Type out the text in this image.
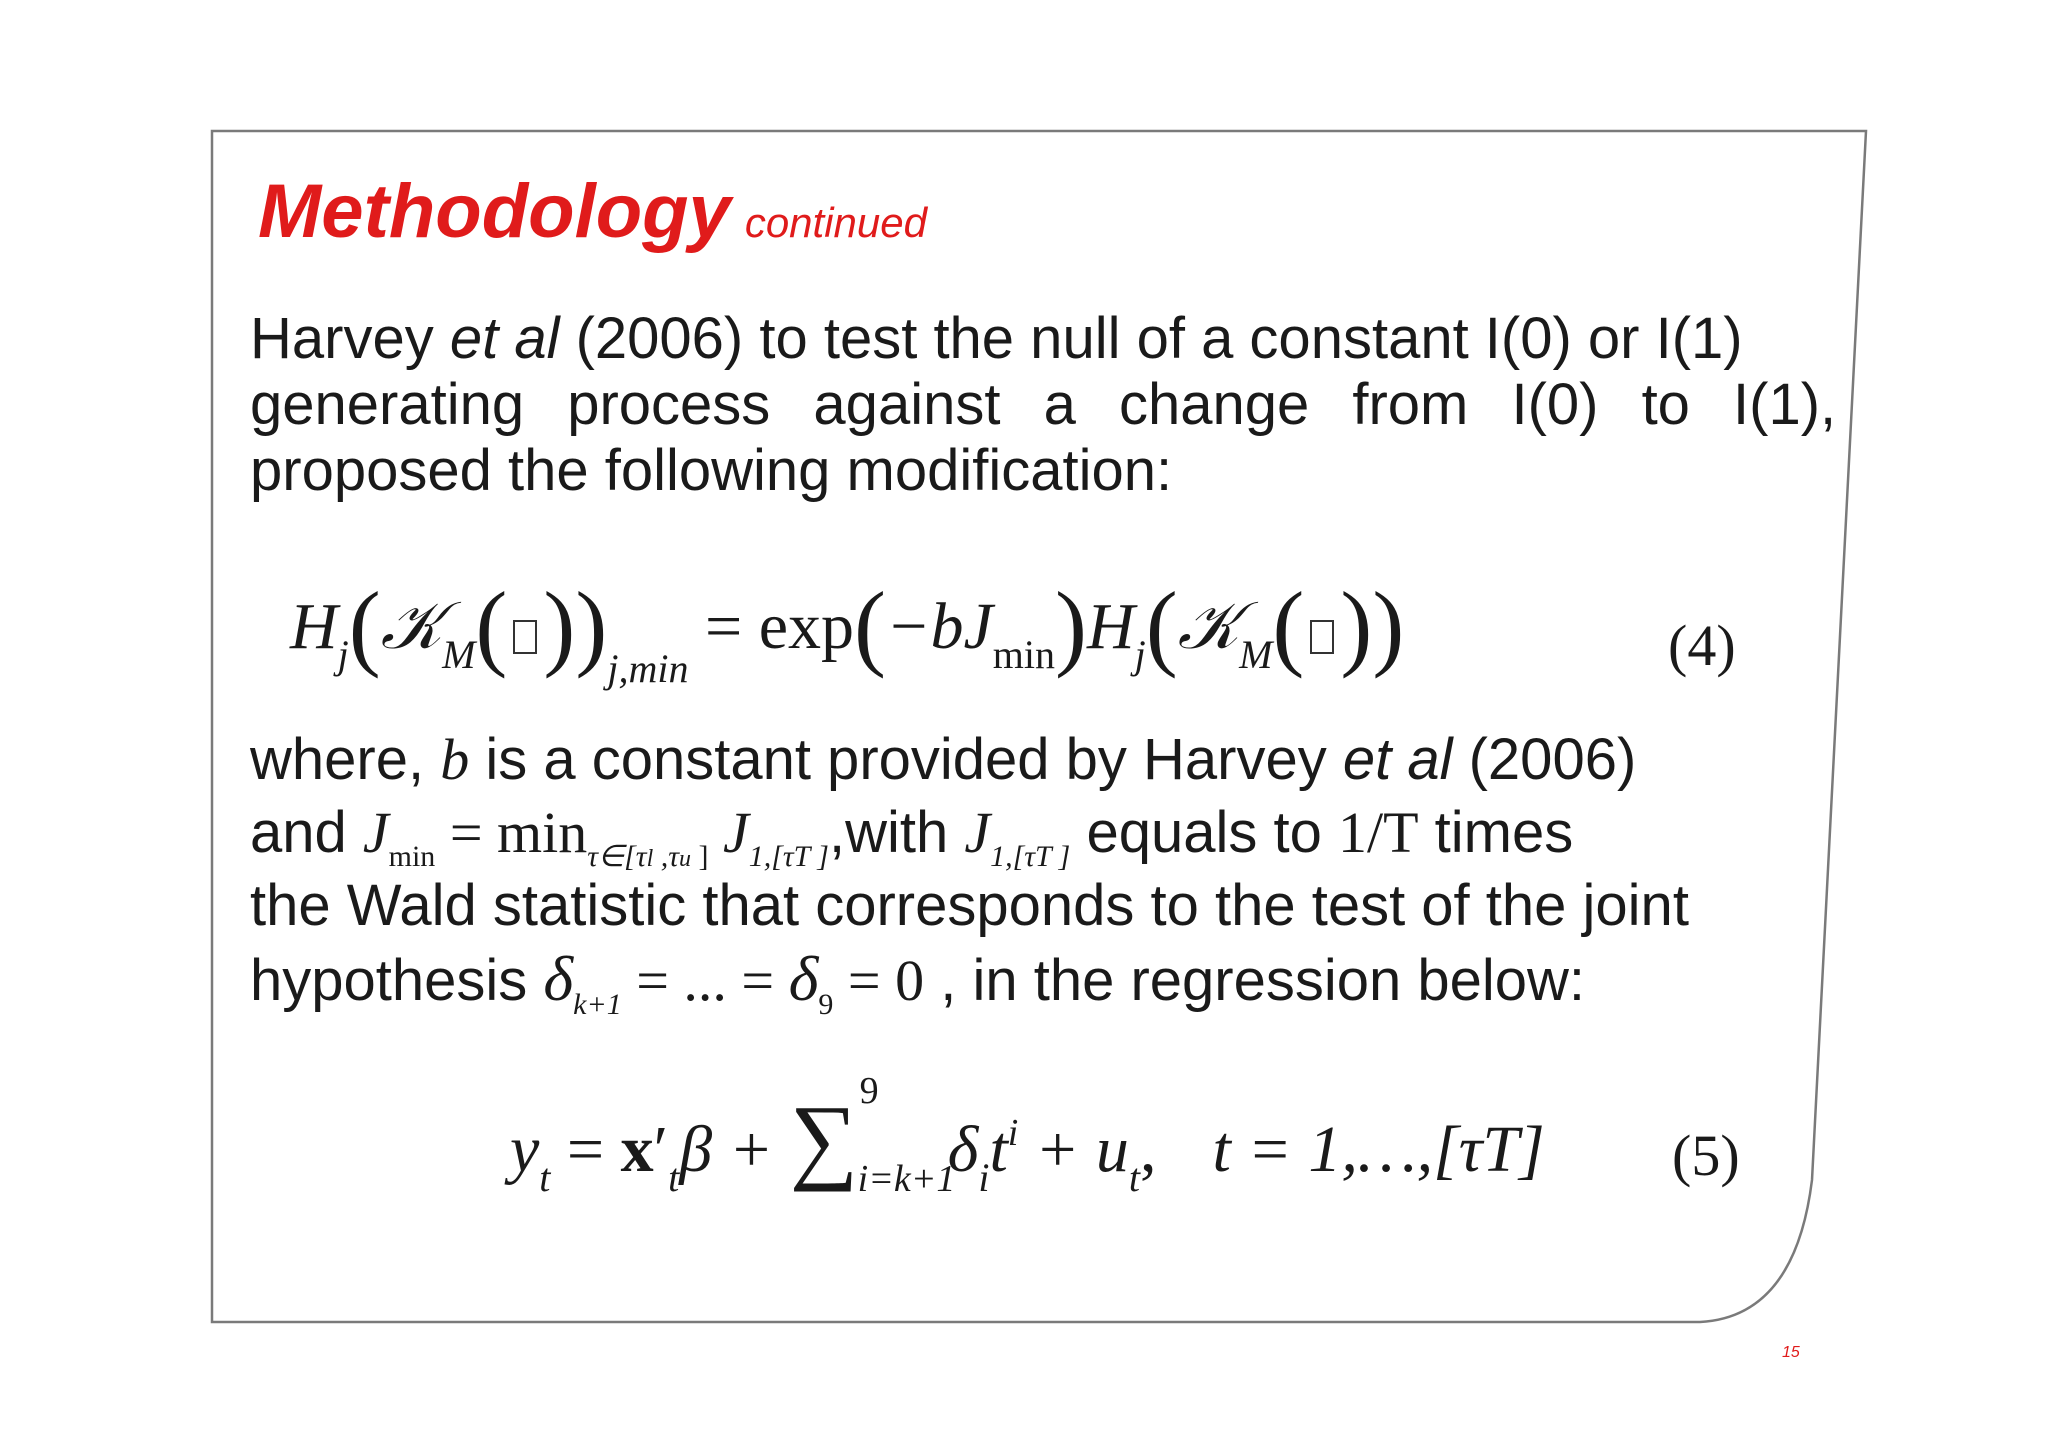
Methodology continued
Harvey et al (2006) to test the null of a constant I(0) or I(1)
generating process against a change from I(0) to I(1),
proposed the following modification:
$H_j(𝒦_M$( ))$_{j,min}$ = $\exp(-bJ_{min})H_j(𝒦_M$( ))	(4)
where, b is a constant provided by Harvey et al (2006)
and $J_{min} = \min_{\tau\in[\tau l} _{,\tau u}$ $_]$ $J_{1,[\tau T ]},with$ $J_{1,[\tau T ]}$ equals to 1/T times
the Wald statistic that corresponds to the test of the joint
hypothesis $\delta_{k+1}$ = ... = $\delta_9 = 0$ , in the regression below:
$y_t = x'_t\beta$ + ∑ 9
i=k+1
$\delta_it^i + u_t$, t = 1,…,[τT] (5)
15
